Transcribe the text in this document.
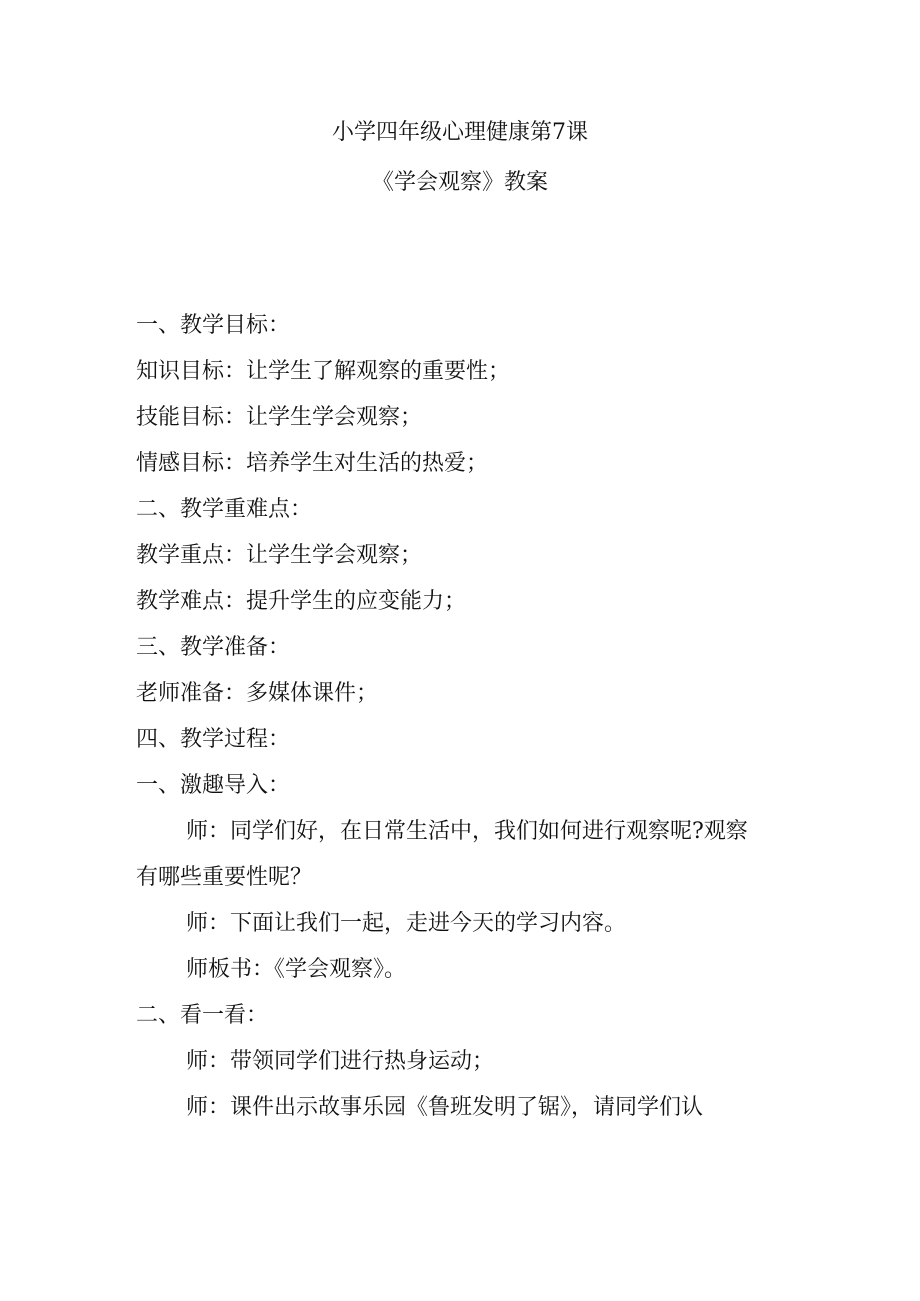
小学四年级心理健康第7课
《学会观察》教案
一、教学目标：
知识目标：让学生了解观察的重要性；
技能目标：让学生学会观察；
情感目标：培养学生对生活的热爱；
二、教学重难点：
教学重点：让学生学会观察；
教学难点：提升学生的应变能力；
三、教学准备：
老师准备：多媒体课件；
四、教学过程：
一、激趣导入：
师：同学们好，在日常生活中，我们如何进行观察呢?观察
有哪些重要性呢？
师：下面让我们一起，走进今天的学习内容。
师板书：《学会观察》。
二、看一看：
师：带领同学们进行热身运动；
师：课件出示故事乐园《鲁班发明了锯》，请同学们认
